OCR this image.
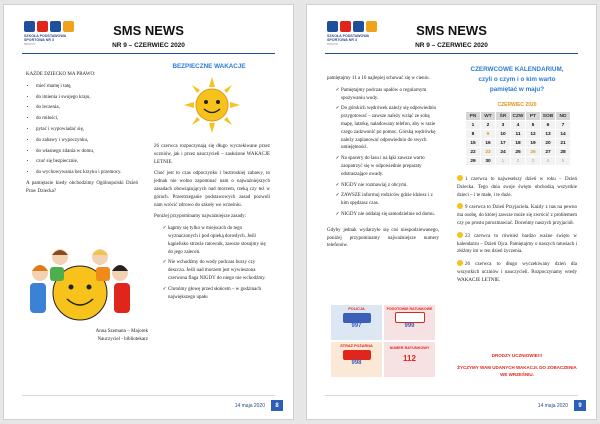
SZKOŁA PODSTAWOWA SPORTOWA NR 3
BĘDZIN
SMS NEWS
NR 9 – CZERWIEC 2020
KAŻDE DZIECKO MA PRAWO:
• mieć mamę i tatę,
• do imienia i swojego kraju,
• do leczenia,
• do miłości,
• pytać i wypowiadać się,
• do zabawy i wypoczynku,
• do własnego zdania w domu,
• czuć się bezpiecznie,
• do wychowywania bez krzyku i przemocy.

A pamiętacie kiedy obchodzimy Ogólnopolski Dzień Praw Dziecka?

Anna Szemann – Majorek
Nauczyciel - bibliotekarz
BEZPIECZNE WAKACJE

26 czerwca rozpoczynają się długo wyczekiwane przez uczniów, jak i przez nauczycieli – zasłużone WAKACJE LETNIE.

Choć jest to czas odpoczynku i beztroskiej zabawy, to jednak nie wolno zapominać nam o najważniejszych zasadach obowiązujących nad morzem, rzeką czy też w górach. Przestrzeganie podstawowych zasad pozwoli nam wrócić zdrowo do szkoły we wrześniu.

Poniżej przypominamy najważniejsze zasady:

✓ kąpmy się tylko w miejscach do tego wyznaczonych i pod opieką dorosłych. Jeśli kąpielisko strzeże ratownik, zawsze stosujmy się do jego zaleceń.
✓ Nie wchodźmy do wody podczas burzy czy deszczu. Jeśli nad morzem jest wywieszona czerwona flaga NIGDY do niego nie wchodźmy.
✓ Chrońmy głowę przed słońcem – w godzinach największego upału
14 maja 2020	8
SZKOŁA PODSTAWOWA SPORTOWA NR 3
BĘDZIN
SMS NEWS
NR 9 – CZERWIEC 2020

pamiętajmy 11 a 16 najlepiej schować się w cieniu.

✓ Pamiętajmy podczas upałów o regularnym spożywaniu wody.
✓ Do górskich wędrówek należy się odpowiednio przygotować – zawsze należy wziąć ze sobą mapę, latarkę, naładowany telefon, aby w razie czego zadzwonić po pomoc. Górską wędrówkę należy zaplanować odpowiednio do swych umiejętności.
✓ Na spacery do lasu i na łąki zawsze warto zaopatrzyć się w odpowiednie preparaty odstraszające owady.
✓ NIGDY nie rozmawiaj z obcymi.
✓ ZAWSZE informuj rodziców gdzie idziesz i z kim spędzasz czas.
✓ NIGDY nie oddalaj się samodzielnie od domu.

Gdyby jednak wydarzyło się coś niespodziewanego, poniżej przypominamy najważniejsze numery telefonów.

POLICJA
997
POGOTOWIE RATUNKOWE
999
STRAŻ POŻARNA
998
NUMER RATUNKOWY
112
CZERWCOWE KALENDARIUM,
czyli o czym i o kim warto
pamiętać w maju?
CZERWIEC 2020
PN	WT	ŚR	CZW	PT	SOB	ND
1	2	3	4	5	6	7
8	9	10	11	12	13	14
15	16	17	18	19	20	21
22	23	24	25	26	27	28
29	30	1	2	3	4	5

1 czerwca to najweselszy dzień w roku – Dzień Dziecka. Tego dnia swoje święto obchodzą wszystkie dzieci – i te małe, i te duże.

9 czerwca to Dzień Przyjaciela. Każdy z nas na pewno ma osobę, do której zawsze może się zwrócić z problemem czy po prostu porozmawiać. Doceńmy naszych przyjaciół.

23 czerwca to również bardzo ważne święto w kalendarzu – Dzień Ojca. Pamiętajmy o naszych tatusiach i złóżmy im w ten dzień życzenia.

26 czerwca to długo wyczekiwany dzień dla wszystkich uczniów i nauczycieli. Rozpoczynamy wtedy WAKACJE LETNIE.

DRODZY UCZNIOWIE!!!
ŻYCZYMY WAM UDANYCH WAKACJI. DO ZOBACZENIA WE WRZEŚNIU.
14 maja 2020	9
